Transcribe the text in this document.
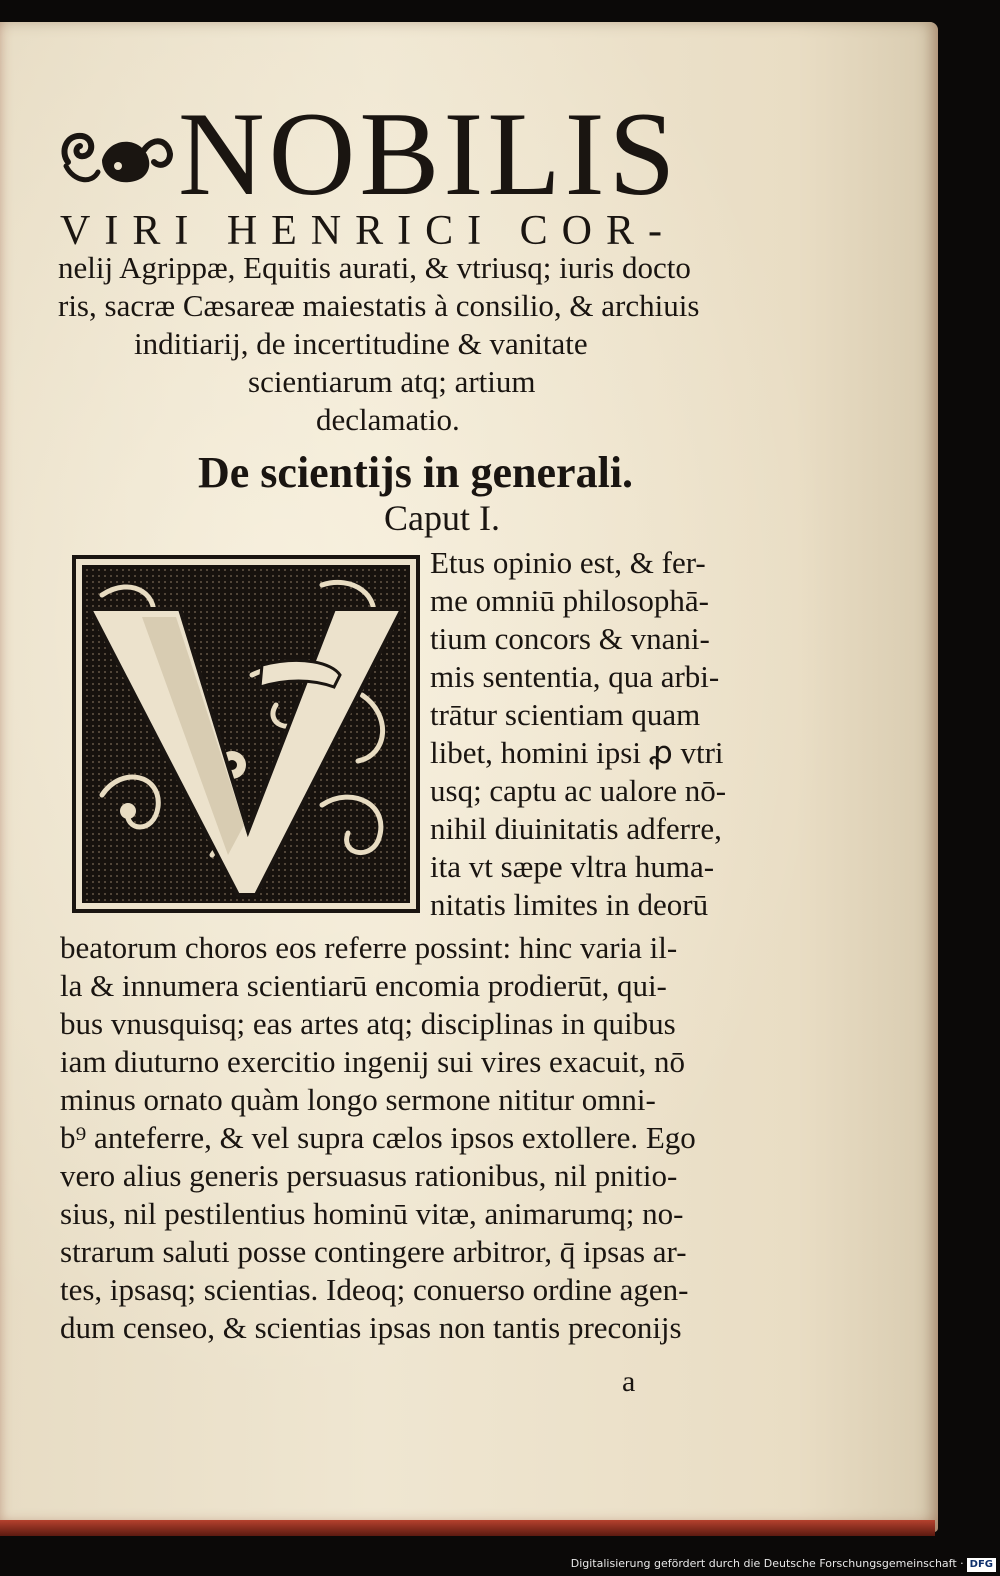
NOBILIS
VIRI HENRICI COR-
nelij Agrippæ, Equitis aurati, & vtriusq; iuris docto
ris, sacræ Cæsareæ maiestatis à consilio, & archiuis
inditiarij, de incertitudine & vanitate
scientiarum atq; artium
declamatio.
De scientijs in generali.
Caput I.
Etus opinio est, & fer-
me omniū philosophā-
tium concors & vnani-
mis sententia, qua arbi-
trātur scientiam quam
libet, homini ipsi ꝓ vtri
usq; captu ac ualore nō-
nihil diuinitatis adferre,
ita vt sæpe vltra huma-
nitatis limites in deorū
beatorum choros eos referre possint: hinc varia il-
la & innumera scientiarū encomia prodierūt, qui-
bus vnusquisq; eas artes atq; disciplinas in quibus
iam diuturno exercitio ingenij sui vires exacuit, nō
minus ornato quàm longo sermone nititur omni-
b⁹ anteferre, & vel supra cælos ipsos extollere. Ego
vero alius generis persuasus rationibus, nil pnitio-
sius, nil pestilentius hominū vitæ, animarumq; no-
strarum saluti posse contingere arbitror, q̄ ipsas ar-
tes, ipsasq; scientias. Ideoq; conuerso ordine agen-
dum censeo, & scientias ipsas non tantis preconijs
a
Digitalisierung gefördert durch die Deutsche Forschungsgemeinschaft · DFG
